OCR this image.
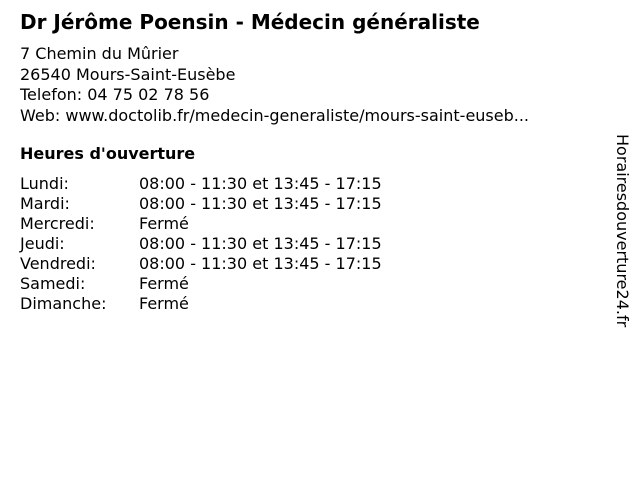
Dr Jérôme Poensin - Médecin généraliste
7 Chemin du Mûrier
26540 Mours-Saint-Eusèbe
Telefon: 04 75 02 78 56
Web: www.doctolib.fr/medecin-generaliste/mours-saint-euseb...
Heures d'ouverture
Lundi:	08:00 - 11:30 et 13:45 - 17:15
Mardi:	08:00 - 11:30 et 13:45 - 17:15
Mercredi:	Fermé
Jeudi:	08:00 - 11:30 et 13:45 - 17:15
Vendredi:	08:00 - 11:30 et 13:45 - 17:15
Samedi:	Fermé
Dimanche:	Fermé	Horairesdouverture24.fr
